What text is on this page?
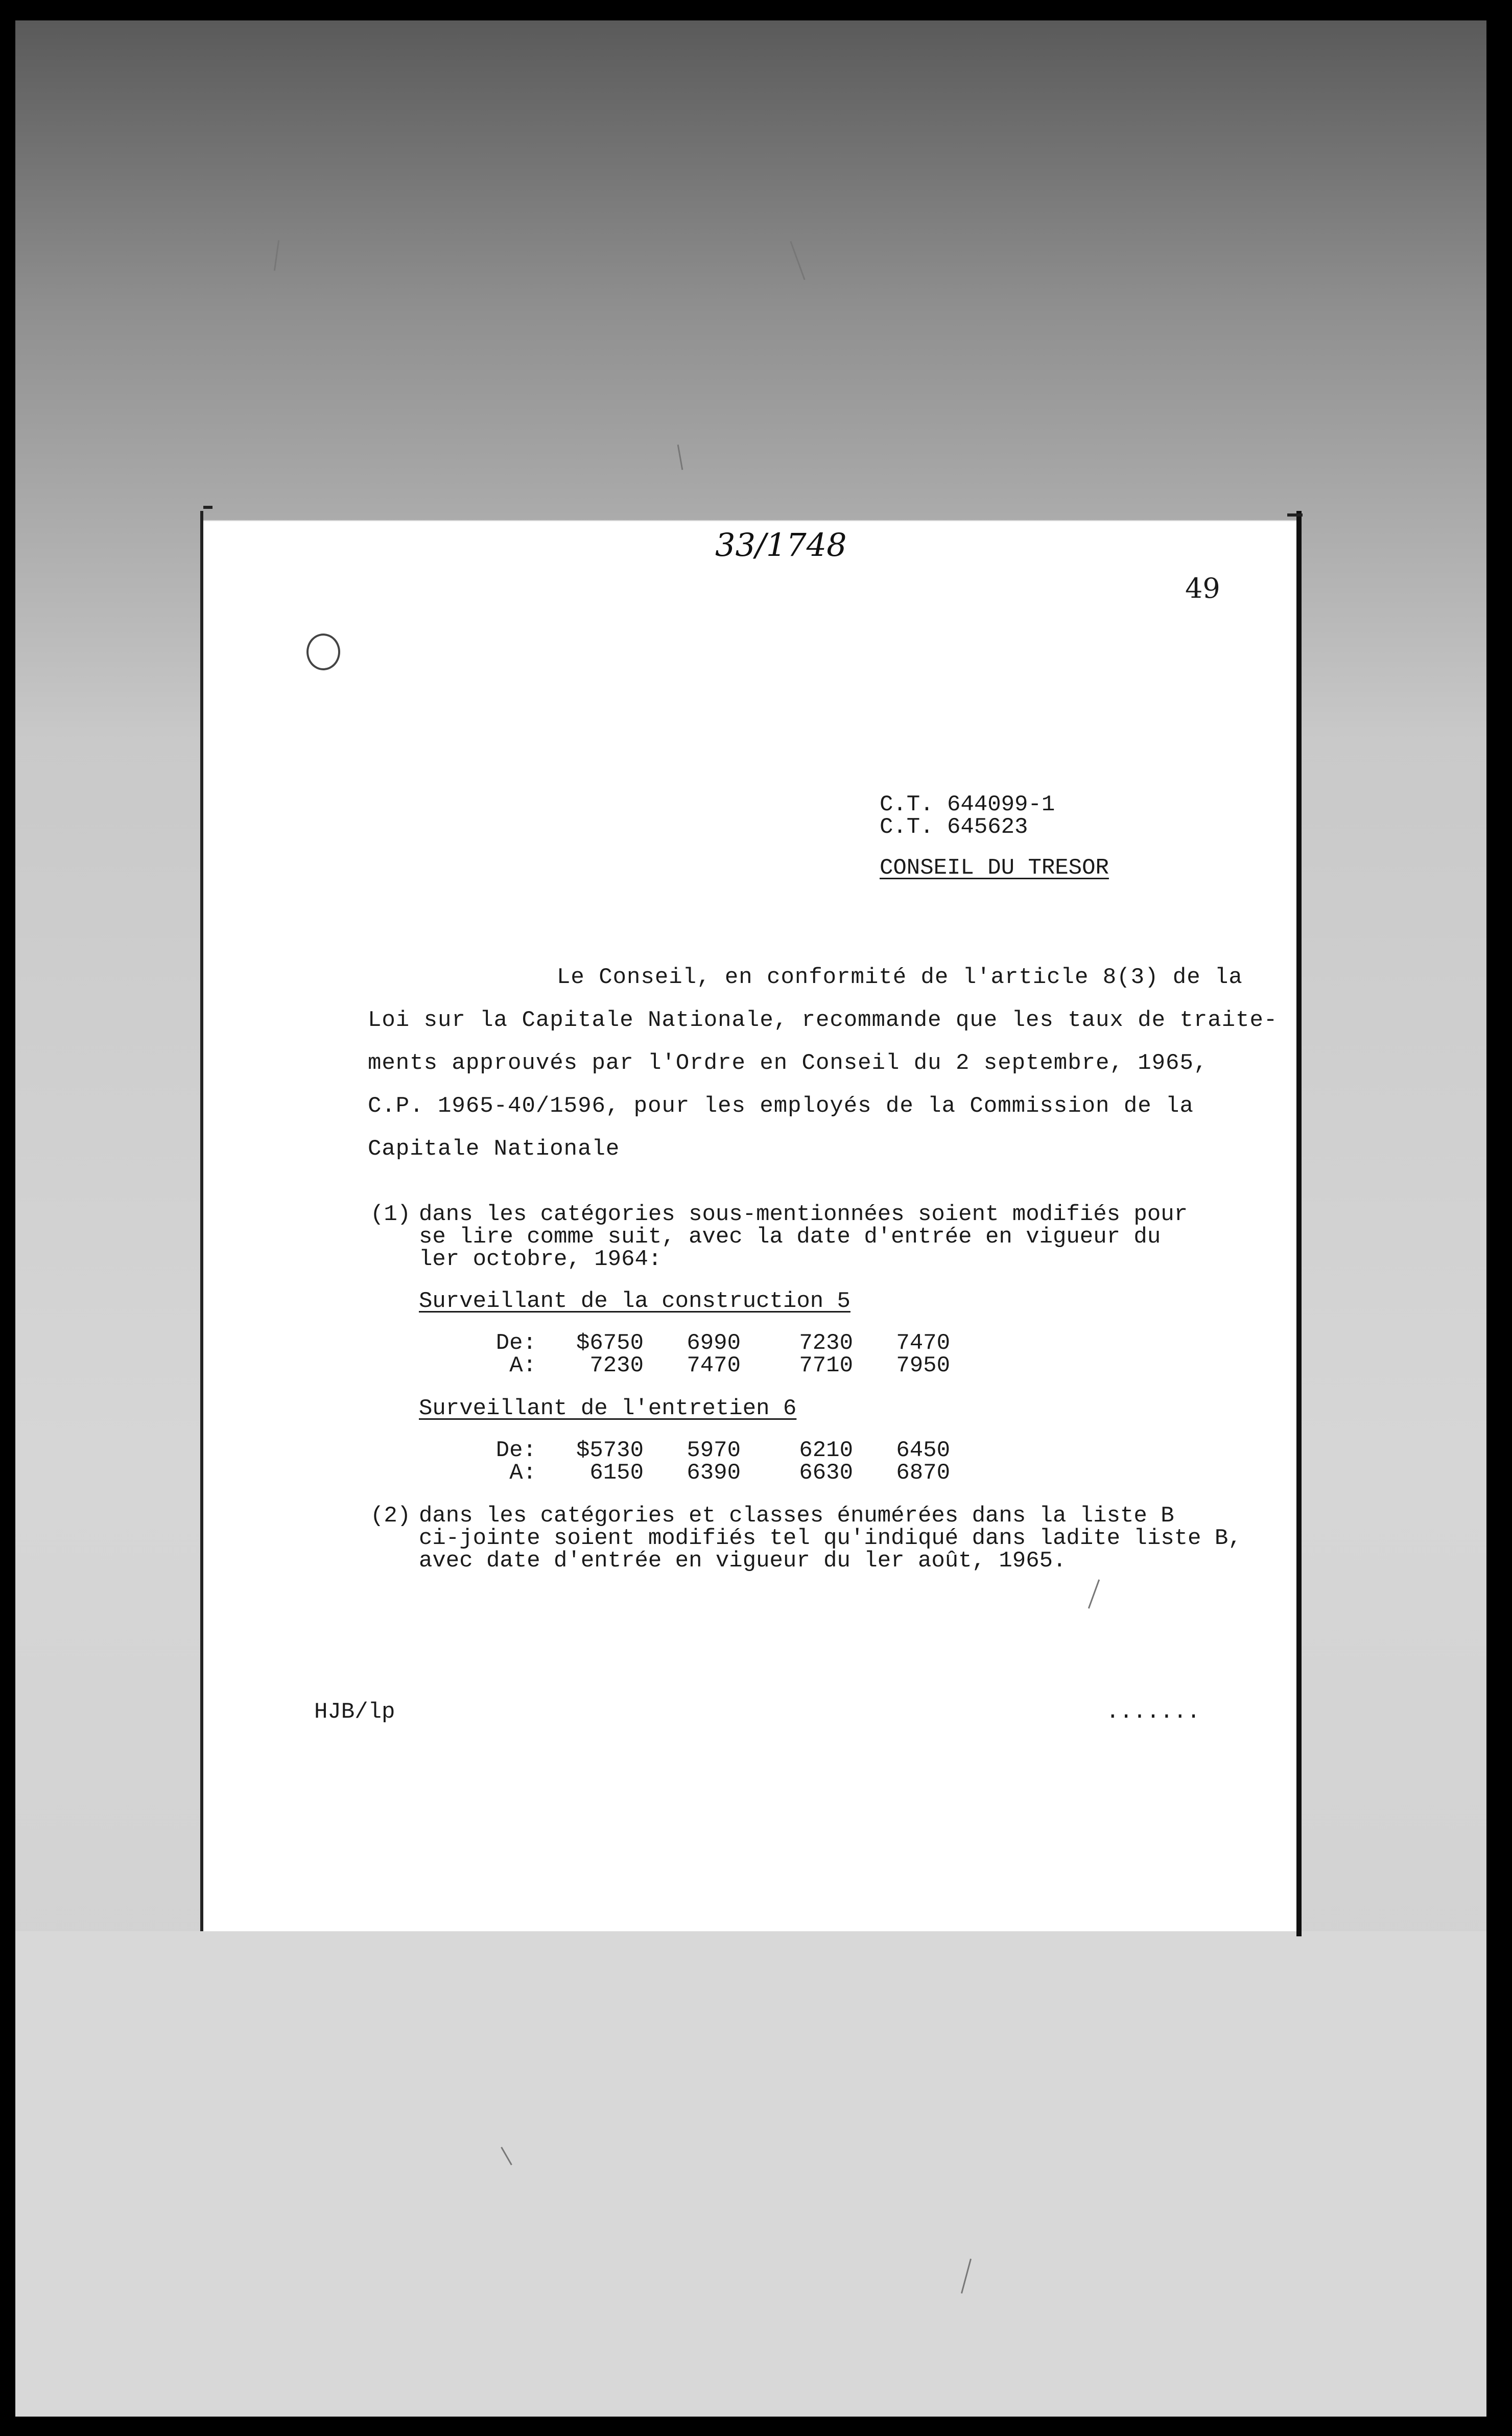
33/1748
49
C.T. 644099-1
C.T. 645623
CONSEIL DU TRESOR
Le Conseil, en conformité de l'article 8(3) de la
Loi sur la Capitale Nationale, recommande que les taux de traite-
ments approuvés par l'Ordre en Conseil du 2 septembre, 1965,
C.P. 1965-40/1596, pour les employés de la Commission de la
Capitale Nationale
(1) dans les catégories sous-mentionnées soient modifiés pour
se lire comme suit, avec la date d'entrée en vigueur du
ler octobre, 1964:
Surveillant de la construction 5
De:	$6750	6990	7230	7470
A:	7230	7470	7710	7950
Surveillant de l'entretien 6
De:	$5730	5970	6210	6450
A:	6150	6390	6630	6870
(2) dans les catégories et classes énumérées dans la liste B
ci-jointe soient modifiés tel qu'indiqué dans ladite liste B,
avec date d'entrée en vigueur du ler août, 1965.
HJB/lp	.......
